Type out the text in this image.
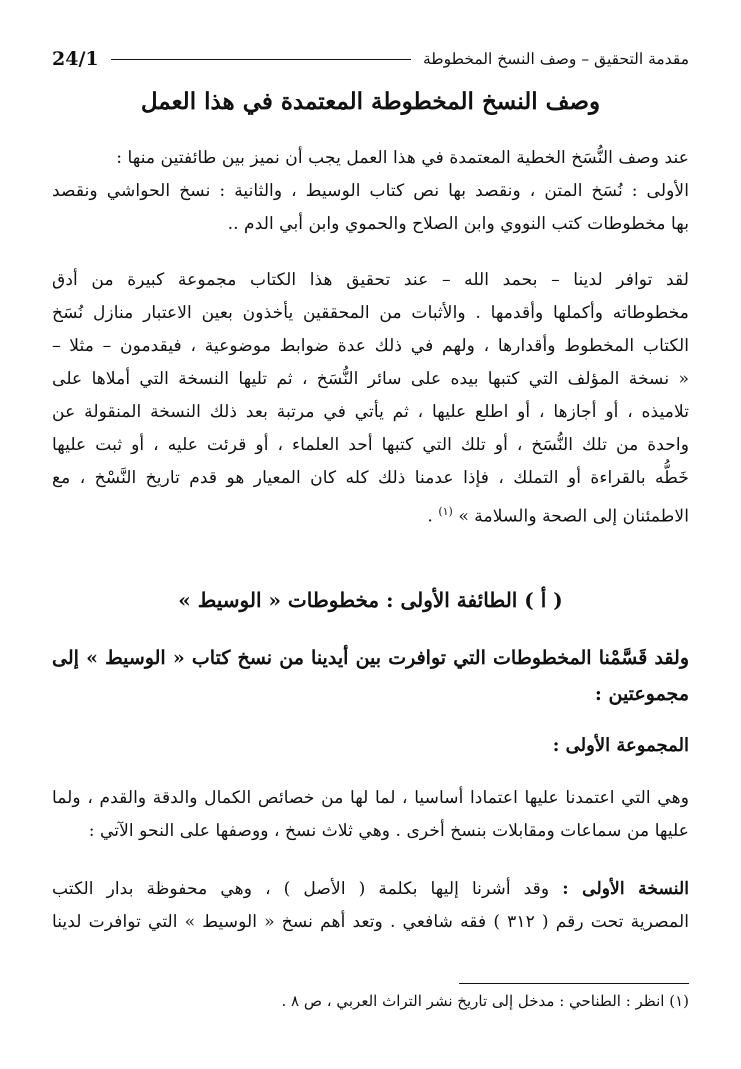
مقدمة التحقيق – وصف النسخ المخطوطة
24/1
وصف النسخ المخطوطة المعتمدة في هذا العمل

عند وصف النُّسَخ الخطية المعتمدة في هذا العمل يجب أن نميز بين طائفتين منها :
الأولى : نُسَخ المتن ، ونقصد بها نص كتاب الوسيط ، والثانية : نسخ الحواشي ونقصد
بها مخطوطات كتب النووي وابن الصلاح والحموي وابن أبي الدم ..

لقد توافر لدينا – بحمد الله – عند تحقيق هذا الكتاب مجموعة كبيرة من أدق
مخطوطاته وأكملها وأقدمها . والأثبات من المحققين يأخذون بعين الاعتبار منازل نُسَخ
الكتاب المخطوط وأقدارها ، ولهم في ذلك عدة ضوابط موضوعية ، فيقدمون – مثلا –
« نسخة المؤلف التي كتبها بيده على سائر النُّسَخ ، ثم تليها النسخة التي أملاها على
تلاميذه ، أو أجازها ، أو اطلع عليها ، ثم يأتي في مرتبة بعد ذلك النسخة المنقولة عن
واحدة من تلك النُّسَخ ، أو تلك التي كتبها أحد العلماء ، أو قرئت عليه ، أو ثبت عليها
خَطُّه بالقراءة أو التملك ، فإذا عدمنا ذلك كله كان المعيار هو قدم تاريخ النَّسْخ ، مع
الاطمئنان إلى الصحة والسلامة » $^{(١)}$ .

( أ ) الطائفة الأولى : مخطوطات « الوسيط »
ولقد قَسَّمْنا المخطوطات التي توافرت بين أيدينا من نسخ كتاب « الوسيط » إلى
مجموعتين :
المجموعة الأولى :

وهي التي اعتمدنا عليها اعتمادا أساسيا ، لما لها من خصائص الكمال والدقة والقدم ، ولما
عليها من سماعات ومقابلات بنسخ أخرى . وهي ثلاث نسخ ، ووصفها على النحو الآتي :

النسخة الأولى : وقد أشرنا إليها بكلمة ( الأصل ) ، وهي محفوظة بدار الكتب
المصرية تحت رقم ( ٣١٢ ) فقه شافعي . وتعد أهم نسخ « الوسيط » التي توافرت لدينا

(١) انظر : الطناحي : مدخل إلى تاريخ نشر التراث العربي ، ص ٨ .
